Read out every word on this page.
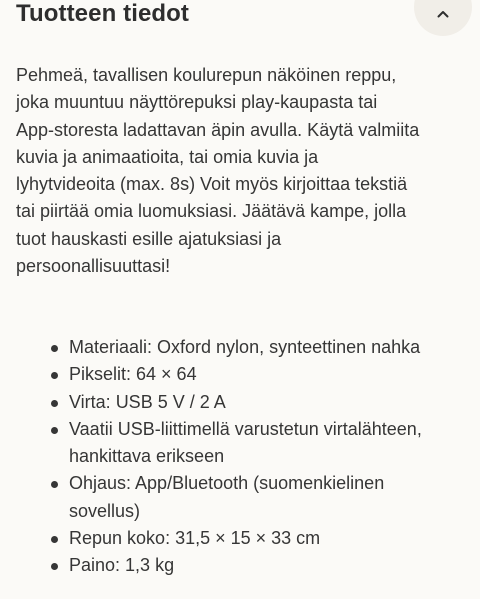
Tuotteen tiedot

Pehmeä, tavallisen koulurepun näköinen reppu,
joka muuntuu näyttörepuksi play-kaupasta tai
App-storesta ladattavan äpin avulla. Käytä valmiita
kuvia ja animaatioita, tai omia kuvia ja
lyhytvideoita (max. 8s) Voit myös kirjoittaa tekstiä
tai piirtää omia luomuksiasi. Jäätävä kampe, jolla
tuot hauskasti esille ajatuksiasi ja
persoonallisuuttasi!

Materiaali: Oxford nylon, synteettinen nahka
Pikselit: 64 × 64
Virta: USB 5 V / 2 A
Vaatii USB-liittimellä varustetun virtalähteen,
hankittava erikseen
Ohjaus: App/Bluetooth (suomenkielinen
sovellus)
Repun koko: 31,5 × 15 × 33 cm
Paino: 1,3 kg
